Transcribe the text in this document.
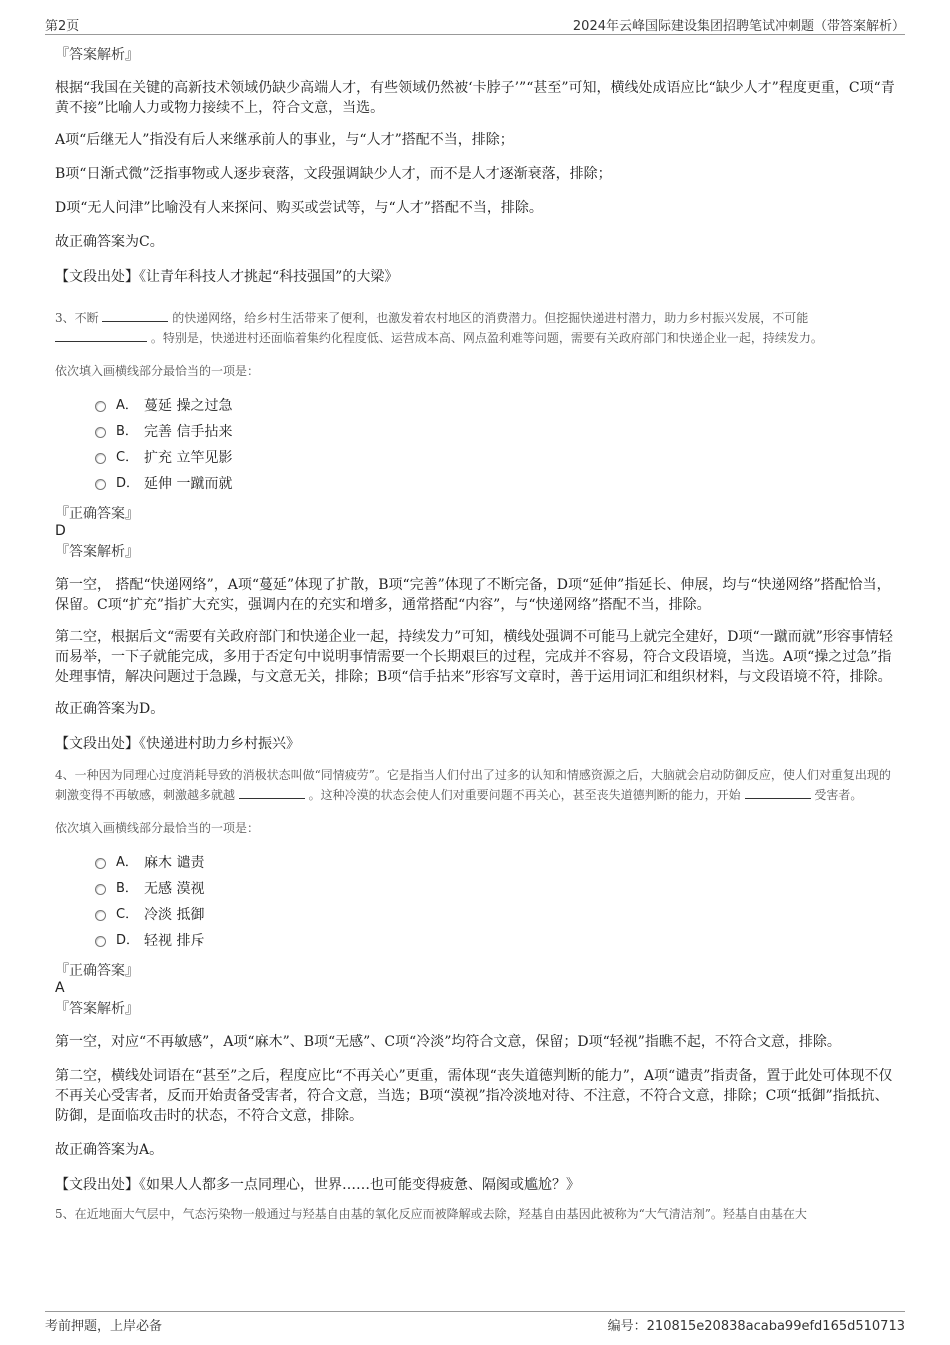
第2页	2024年云峰国际建设集团招聘笔试冲刺题（带答案解析）

『答案解析』

根据“我国在关键的高新技术领域仍缺少高端人才，有些领域仍然被‘卡脖子’”“甚至”可知，横线处成语应比“缺少人才”程度更重，C项“青黄不接”比喻人力或物力接续不上，符合文意，当选。

A项“后继无人”指没有后人来继承前人的事业，与“人才”搭配不当，排除；

B项“日渐式微”泛指事物或人逐步衰落，文段强调缺少人才，而不是人才逐渐衰落，排除；

D项“无人问津”比喻没有人来探问、购买或尝试等，与“人才”搭配不当，排除。

故正确答案为C。

【文段出处】《让青年科技人才挑起“科技强国”的大梁》

3、不断	的快递网络，给乡村生活带来了便利，也激发着农村地区的消费潜力。但挖掘快递进村潜力，助力乡村振兴发展，不可能  。特别是，快递进村还面临着集约化程度低、运营成本高、网点盈利难等问题，需要有关政府部门和快递企业一起，持续发力。

依次填入画横线部分最恰当的一项是：

A． 蔓延 操之过急
B． 完善 信手拈来
C． 扩充 立竿见影
D． 延伸 一蹴而就

『正确答案』

D

『答案解析』

第一空， 搭配“快递网络”，A项“蔓延”体现了扩散，B项“完善”体现了不断完备，D项“延伸”指延长、伸展，均与“快递网络”搭配恰当，保留。C项“扩充”指扩大充实，强调内在的充实和增多，通常搭配“内容”，与“快递网络”搭配不当，排除。

第二空，根据后文“需要有关政府部门和快递企业一起，持续发力”可知，横线处强调不可能马上就完全建好，D项“一蹴而就”形容事情轻而易举，一下子就能完成，多用于否定句中说明事情需要一个长期艰巨的过程，完成并不容易，符合文段语境，当选。A项“操之过急”指处理事情，解决问题过于急躁，与文意无关，排除；B项“信手拈来”形容写文章时，善于运用词汇和组织材料，与文段语境不符，排除。

故正确答案为D。

【文段出处】《快递进村助力乡村振兴》

4、一种因为同理心过度消耗导致的消极状态叫做“同情疲劳”。它是指当人们付出了过多的认知和情感资源之后，大脑就会启动防御反应，使人们对重复出现的刺激变得不再敏感，刺激越多就越	。这种冷漠的状态会使人们对重要问题不再关心，甚至丧失道德判断的能力，开始	受害者。

依次填入画横线部分最恰当的一项是：

A． 麻木 谴责
B． 无感 漠视
C． 冷淡 抵御
D． 轻视 排斥

『正确答案』

A

『答案解析』

第一空，对应“不再敏感”，A项“麻木”、B项“无感”、C项“冷淡”均符合文意，保留；D项“轻视”指瞧不起，不符合文意，排除。

第二空，横线处词语在“甚至”之后，程度应比“不再关心”更重，需体现“丧失道德判断的能力”，A项“谴责”指责备，置于此处可体现不仅不再关心受害者，反而开始责备受害者，符合文意，当选；B项“漠视”指冷淡地对待、不注意，不符合文意，排除；C项“抵御”指抵抗、防御，是面临攻击时的状态，不符合文意，排除。

故正确答案为A。

【文段出处】《如果人人都多一点同理心，世界……也可能变得疲惫、隔阂或尴尬？》

5、在近地面大气层中，气态污染物一般通过与羟基自由基的氧化反应而被降解或去除，羟基自由基因此被称为“大气清洁剂”。羟基自由基在大

考前押题，上岸必备	编号：210815e20838acaba99efd165d510713
